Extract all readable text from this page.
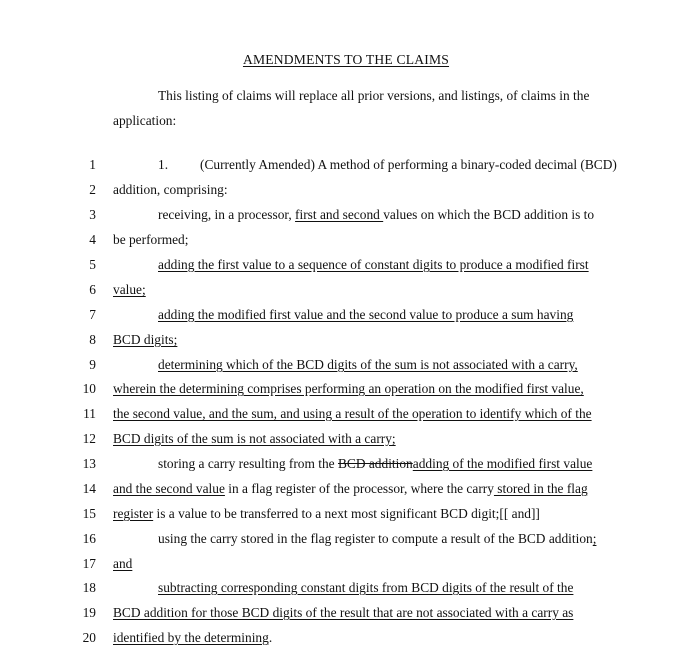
AMENDMENTS TO THE CLAIMS
This listing of claims will replace all prior versions, and listings, of claims in the application:
1	1. (Currently Amended) A method of performing a binary-coded decimal (BCD)
2 addition, comprising:
3	receiving, in a processor, first and second values on which the BCD addition is to
4 be performed;
5	adding the first value to a sequence of constant digits to produce a modified first
6 value;
7	adding the modified first value and the second value to produce a sum having
8 BCD digits;
9	determining which of the BCD digits of the sum is not associated with a carry,
10 wherein the determining comprises performing an operation on the modified first value,
11 the second value, and the sum, and using a result of the operation to identify which of the
12 BCD digits of the sum is not associated with a carry;
13	storing a carry resulting from the BCD additionadding of the modified first value
14 and the second value in a flag register of the processor, where the carry stored in the flag
15 register is a value to be transferred to a next most significant BCD digit;[[ and]]
16	using the carry stored in the flag register to compute a result of the BCD addition;
17 and
18	subtracting corresponding constant digits from BCD digits of the result of the
19 BCD addition for those BCD digits of the result that are not associated with a carry as
20 identified by the determining.
